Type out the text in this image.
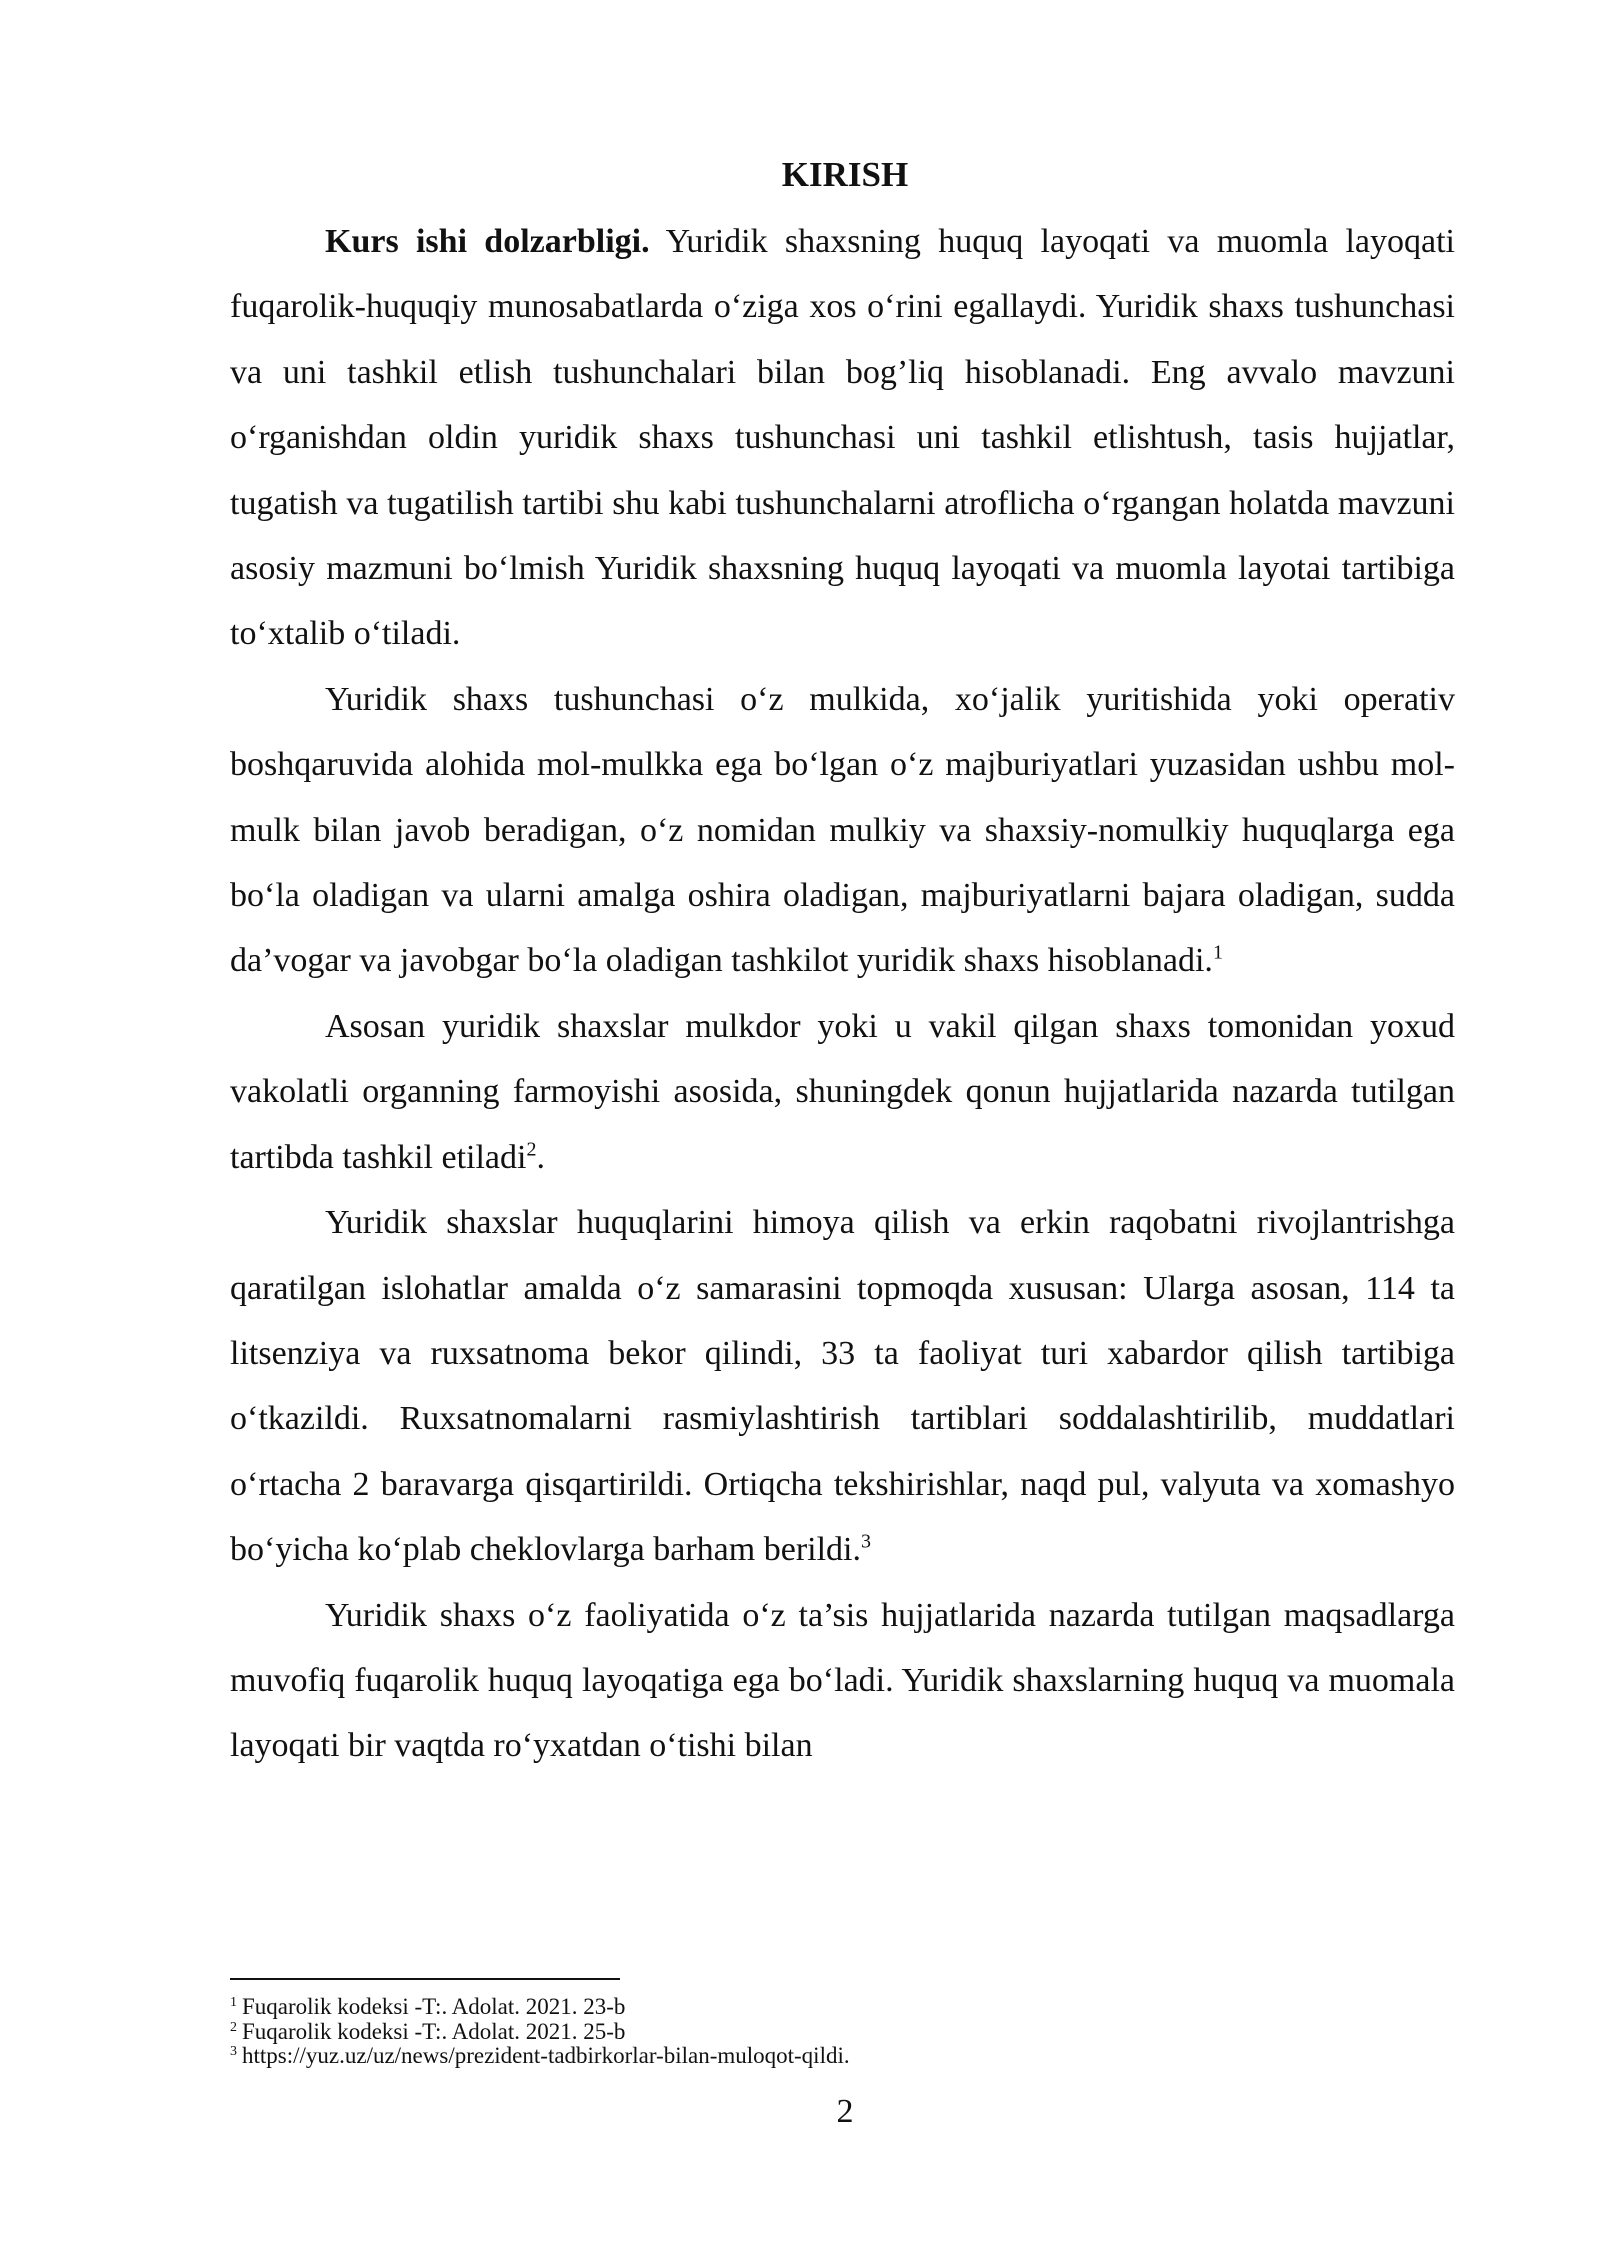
KIRISH

Kurs ishi dolzarbligi. Yuridik shaxsning huquq layoqati va muomla layoqati fuqarolik-huquqiy munosabatlarda o‘ziga xos o‘rini egallaydi. Yuridik shaxs tushunchasi va uni tashkil etlish tushunchalari bilan bog’liq hisoblanadi. Eng avvalo mavzuni o‘rganishdan oldin yuridik shaxs tushunchasi uni tashkil etlishtush, tasis hujjatlar, tugatish va tugatilish tartibi shu kabi tushunchalarni atroflicha o‘rgangan holatda mavzuni asosiy mazmuni bo‘lmish Yuridik shaxsning huquq layoqati va muomla layotai tartibiga to‘xtalib o‘tiladi.

Yuridik shaxs tushunchasi o‘z mulkida, xo‘jalik yuritishida yoki operativ boshqaruvida alohida mol-mulkka ega bo‘lgan o‘z majburiyatlari yuzasidan ushbu mol-mulk bilan javob beradigan, o‘z nomidan mulkiy va shaxsiy-nomulkiy huquqlarga ega bo‘la oladigan va ularni amalga oshira oladigan, majburiyatlarni bajara oladigan, sudda da’vogar va javobgar bo‘la oladigan tashkilot yuridik shaxs hisoblanadi.$^1$

Asosan yuridik shaxslar mulkdor yoki u vakil qilgan shaxs tomonidan yoxud vakolatli organning farmoyishi asosida, shuningdek qonun hujjatlarida nazarda tutilgan tartibda tashkil etiladi$^2$.

Yuridik shaxslar huquqlarini himoya qilish va erkin raqobatni rivojlantrishga qaratilgan islohatlar amalda o‘z samarasini topmoqda xususan: Ularga asosan, 114 ta litsenziya va ruxsatnoma bekor qilindi, 33 ta faoliyat turi xabardor qilish tartibiga o‘tkazildi. Ruxsatnomalarni rasmiylashtirish tartiblari soddalashtirilib, muddatlari o‘rtacha 2 baravarga qisqartirildi. Ortiqcha tekshirishlar, naqd pul, valyuta va xomashyo bo‘yicha ko‘plab cheklovlarga barham berildi.$^3$

Yuridik shaxs o‘z faoliyatida o‘z ta’sis hujjatlarida nazarda tutilgan maqsadlarga muvofiq fuqarolik huquq layoqatiga ega bo‘ladi. Yuridik shaxslarning huquq va muomala layoqati bir vaqtda ro‘yxatdan o‘tishi bilan

$^1$ Fuqarolik kodeksi -T:. Adolat. 2021. 23-b

$^2$ Fuqarolik kodeksi -T:. Adolat. 2021. 25-b

$^3$ https://yuz.uz/uz/news/prezident-tadbirkorlar-bilan-muloqot-qildi.

2
